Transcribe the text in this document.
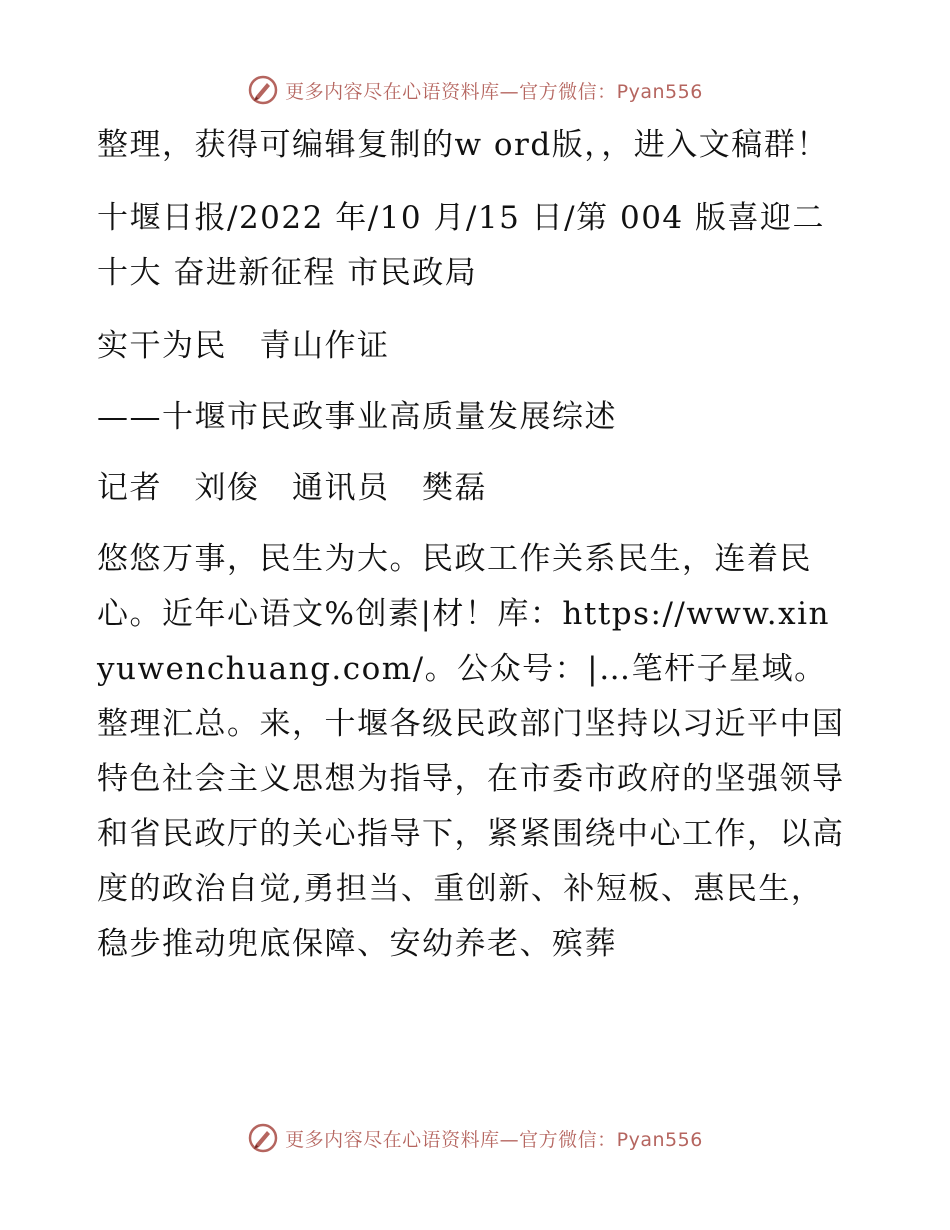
更多内容尽在心语资料库—官方微信：Pyan556

整理，获得可编辑复制的w ord版，，进入文稿群！

十堰日报/2022 年/10 月/15 日/第 004 版喜迎二十大 奋进新征程 市民政局

实干为民　青山作证

——十堰市民政事业高质量发展综述

记者　刘俊　通讯员　樊磊

悠悠万事，民生为大。民政工作关系民生，连着民心。近年心语文%创素|材！库：https://www.xinyuwenchuang.com/。公众号：|…笔杆子星域。整理汇总。来，十堰各级民政部门坚持以习近平中国特色社会主义思想为指导，在市委市政府的坚强领导和省民政厅的关心指导下，紧紧围绕中心工作，以高度的政治自觉,勇担当、重创新、补短板、惠民生，稳步推动兜底保障、安幼养老、殡葬

更多内容尽在心语资料库—官方微信：Pyan556
